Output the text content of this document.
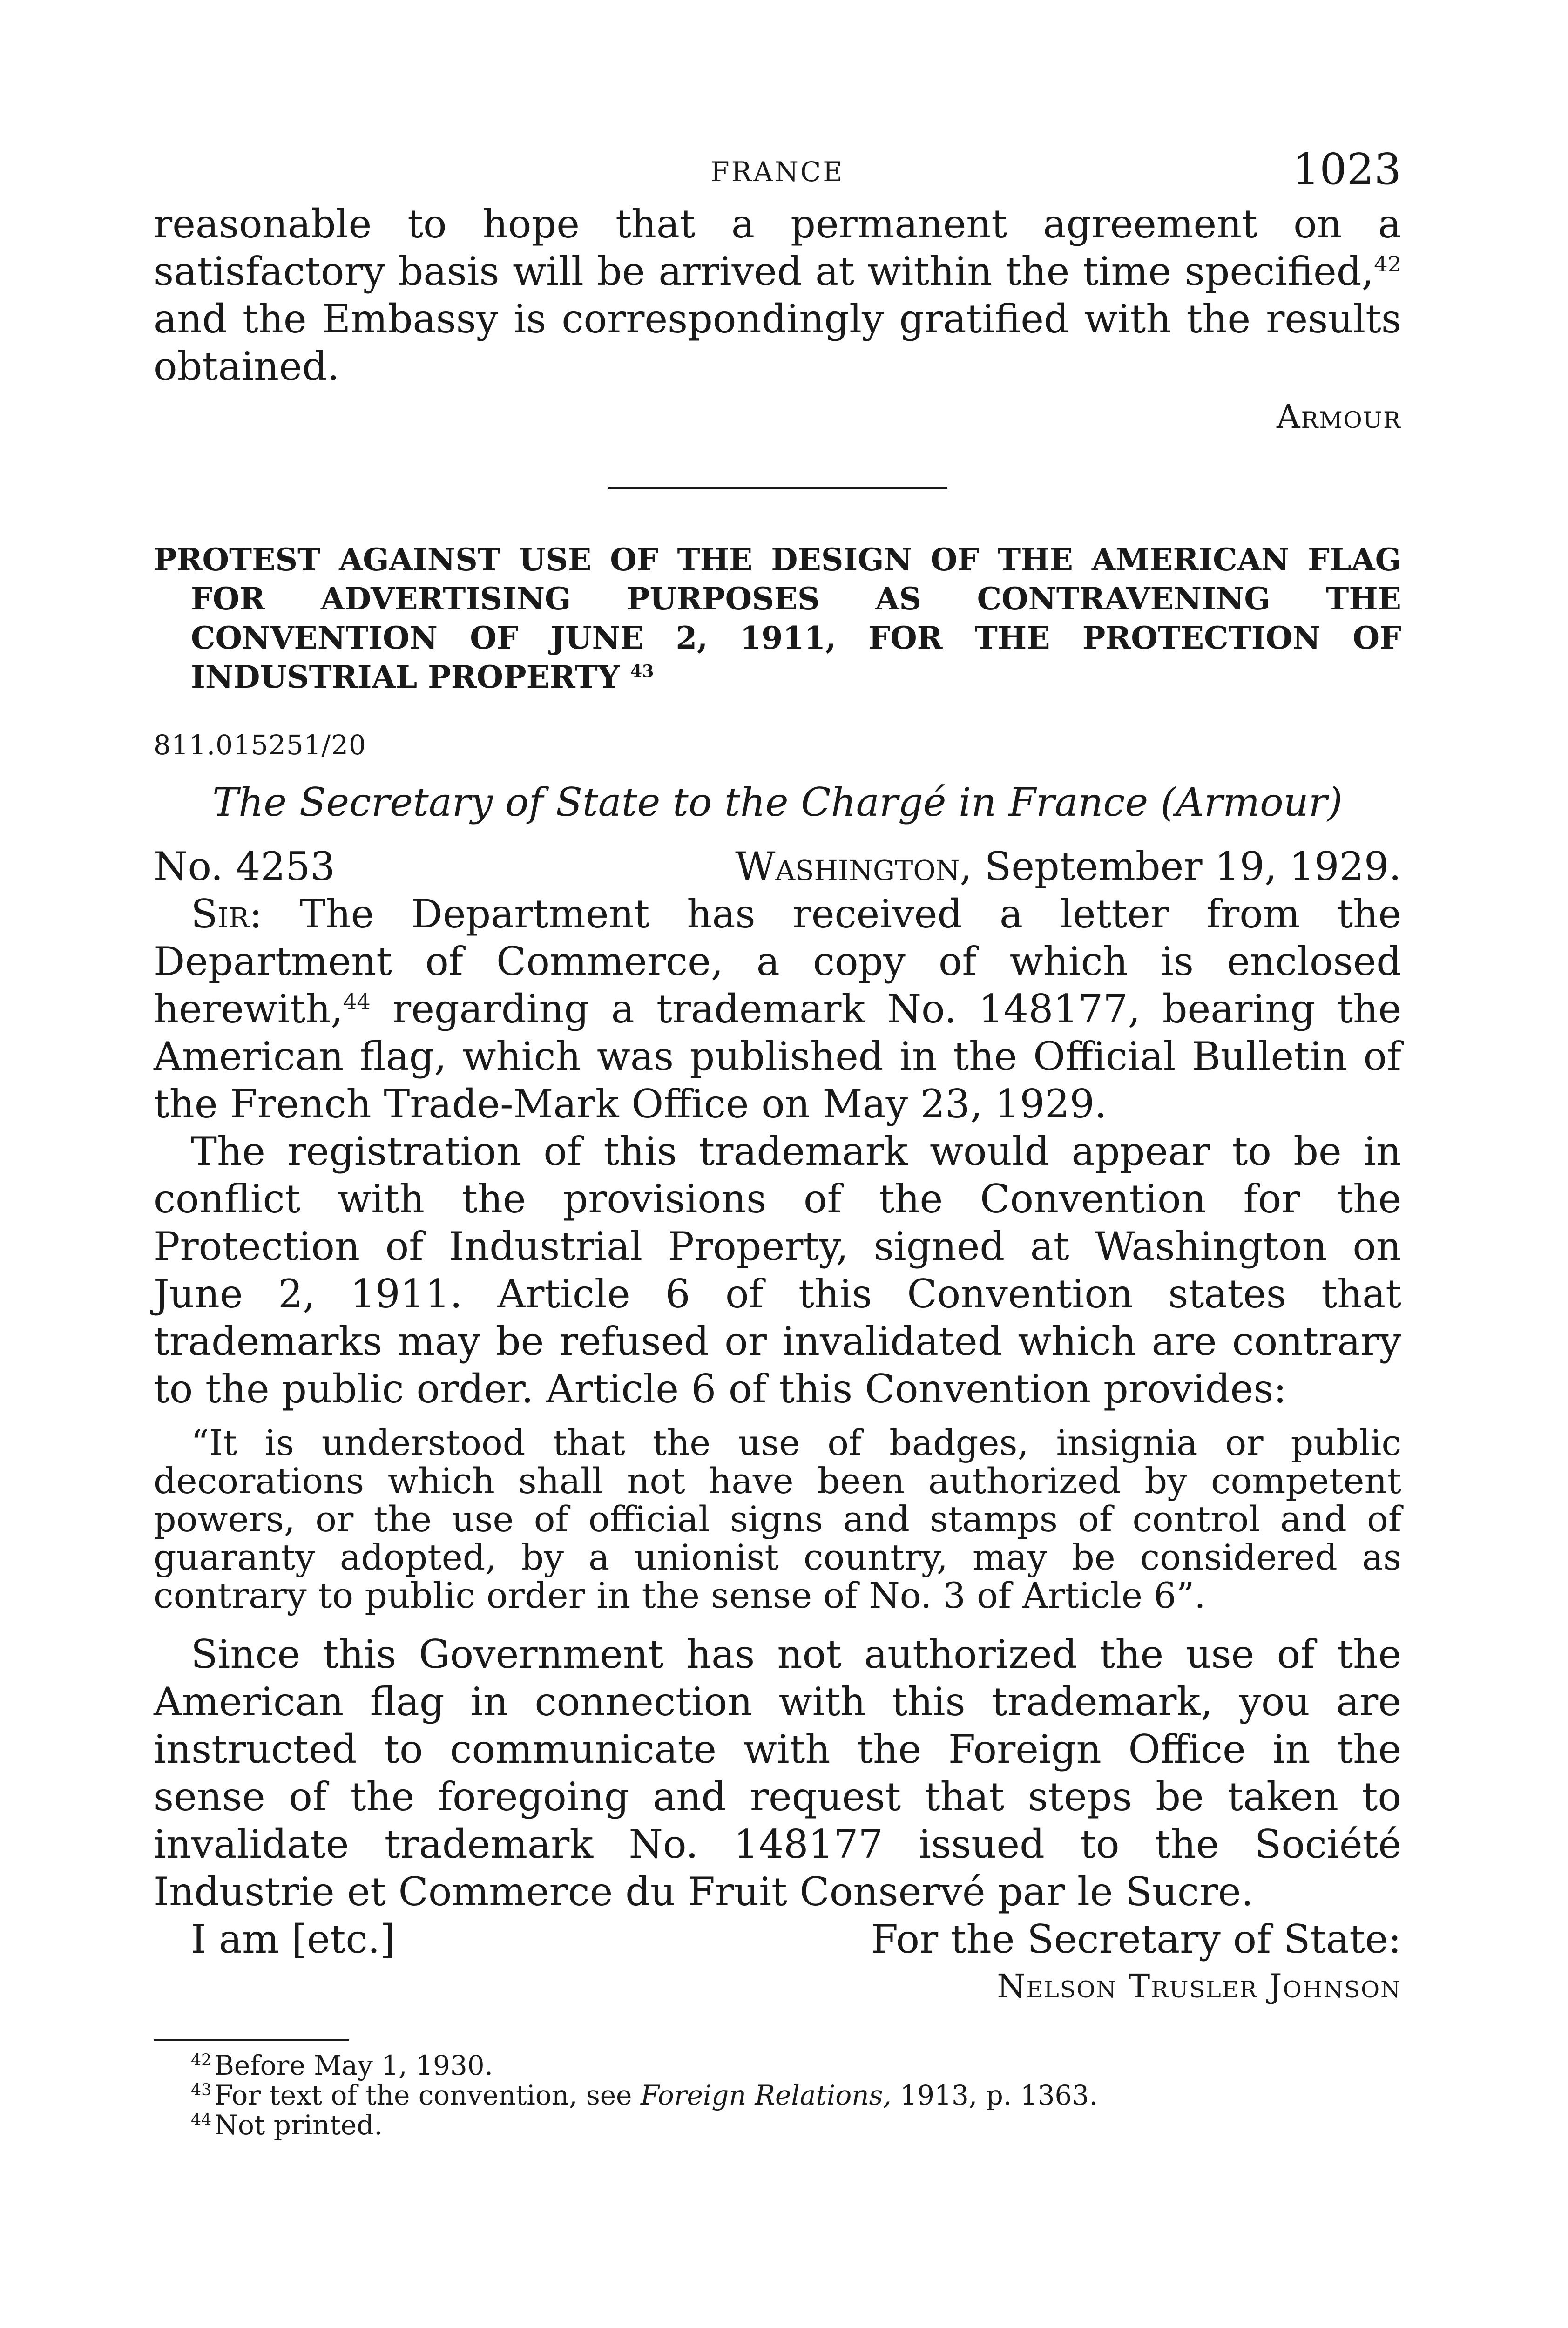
FRANCE	1023

reasonable to hope that a permanent agreement on a satisfactory basis will be arrived at within the time specified,$^{42}$ and the Embassy is correspondingly gratified with the results obtained.

Armour

PROTEST AGAINST USE OF THE DESIGN OF THE AMERICAN FLAG FOR ADVERTISING PURPOSES AS CONTRAVENING THE CONVENTION OF JUNE 2, 1911, FOR THE PROTECTION OF INDUSTRIAL PROPERTY $^{43}$

811.015251/20
The Secretary of State to the Chargé in France (Armour)
No. 4253	Washington, September 19, 1929.

Sir: The Department has received a letter from the Department of Commerce, a copy of which is enclosed herewith,$^{44}$ regarding a trademark No. 148177, bearing the American flag, which was published in the Official Bulletin of the French Trade-Mark Office on May 23, 1929.

The registration of this trademark would appear to be in conflict with the provisions of the Convention for the Protection of Industrial Property, signed at Washington on June 2, 1911. Article 6 of this Convention states that trademarks may be refused or invalidated which are contrary to the public order. Article 6 of this Convention provides:

“It is understood that the use of badges, insignia or public decorations which shall not have been authorized by competent powers, or the use of official signs and stamps of control and of guaranty adopted, by a unionist country, may be considered as contrary to public order in the sense of No. 3 of Article 6”.

Since this Government has not authorized the use of the American flag in connection with this trademark, you are instructed to communicate with the Foreign Office in the sense of the foregoing and request that steps be taken to invalidate trademark No. 148177 issued to the Société Industrie et Commerce du Fruit Conservé par le Sucre.

I am [etc.]	For the Secretary of State:
Nelson Trusler Johnson
$^{42}$ Before May 1, 1930.
$^{43}$ For text of the convention, see Foreign Relations, 1913, p. 1363.
$^{44}$ Not printed.
